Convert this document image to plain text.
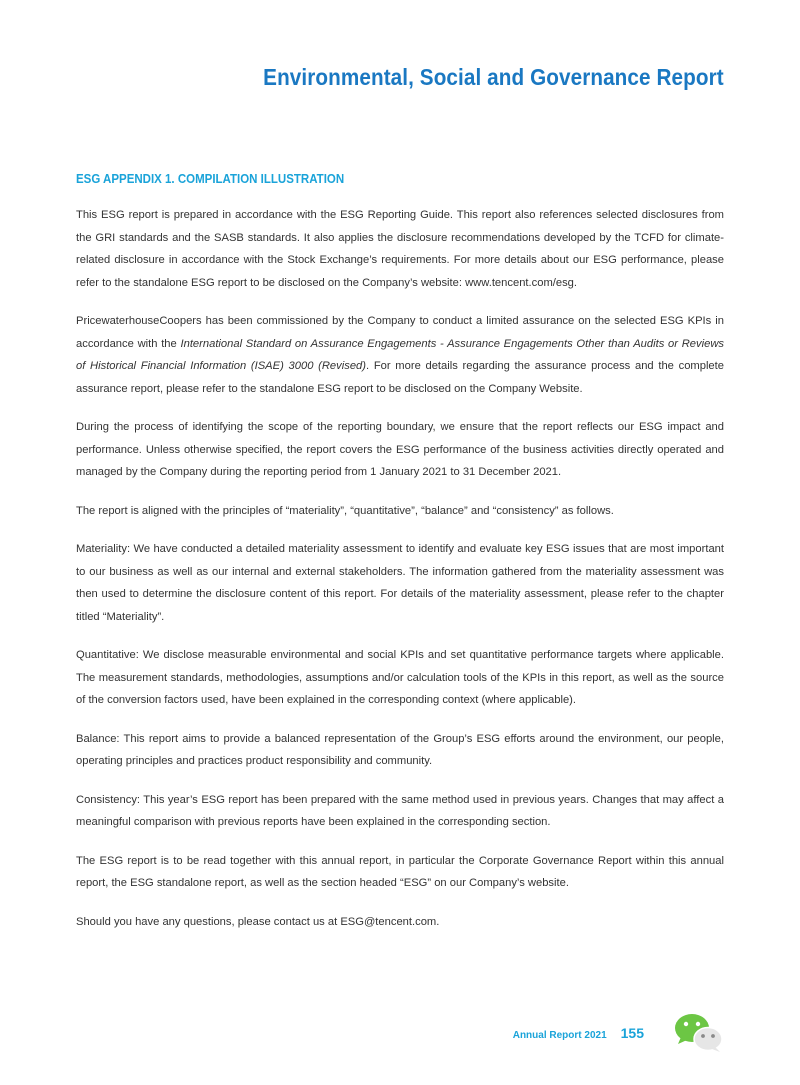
Environmental, Social and Governance Report
ESG APPENDIX 1. COMPILATION ILLUSTRATION

This ESG report is prepared in accordance with the ESG Reporting Guide. This report also references selected disclosures from the GRI standards and the SASB standards. It also applies the disclosure recommendations developed by the TCFD for climate-related disclosure in accordance with the Stock Exchange’s requirements. For more details about our ESG performance, please refer to the standalone ESG report to be disclosed on the Company’s website: www.tencent.com/esg.

PricewaterhouseCoopers has been commissioned by the Company to conduct a limited assurance on the selected ESG KPIs in accordance with the International Standard on Assurance Engagements - Assurance Engagements Other than Audits or Reviews of Historical Financial Information (ISAE) 3000 (Revised). For more details regarding the assurance process and the complete assurance report, please refer to the standalone ESG report to be disclosed on the Company Website.

During the process of identifying the scope of the reporting boundary, we ensure that the report reflects our ESG impact and performance. Unless otherwise specified, the report covers the ESG performance of the business activities directly operated and managed by the Company during the reporting period from 1 January 2021 to 31 December 2021.

The report is aligned with the principles of “materiality”, “quantitative”, “balance” and “consistency” as follows.

Materiality: We have conducted a detailed materiality assessment to identify and evaluate key ESG issues that are most important to our business as well as our internal and external stakeholders. The information gathered from the materiality assessment was then used to determine the disclosure content of this report. For details of the materiality assessment, please refer to the chapter titled “Materiality”.

Quantitative: We disclose measurable environmental and social KPIs and set quantitative performance targets where applicable. The measurement standards, methodologies, assumptions and/or calculation tools of the KPIs in this report, as well as the source of the conversion factors used, have been explained in the corresponding context (where applicable).

Balance: This report aims to provide a balanced representation of the Group’s ESG efforts around the environment, our people, operating principles and practices product responsibility and community.

Consistency: This year’s ESG report has been prepared with the same method used in previous years. Changes that may affect a meaningful comparison with previous reports have been explained in the corresponding section.

The ESG report is to be read together with this annual report, in particular the Corporate Governance Report within this annual report, the ESG standalone report, as well as the section headed “ESG” on our Company’s website.

Should you have any questions, please contact us at ESG@tencent.com.

Annual Report 2021 155
